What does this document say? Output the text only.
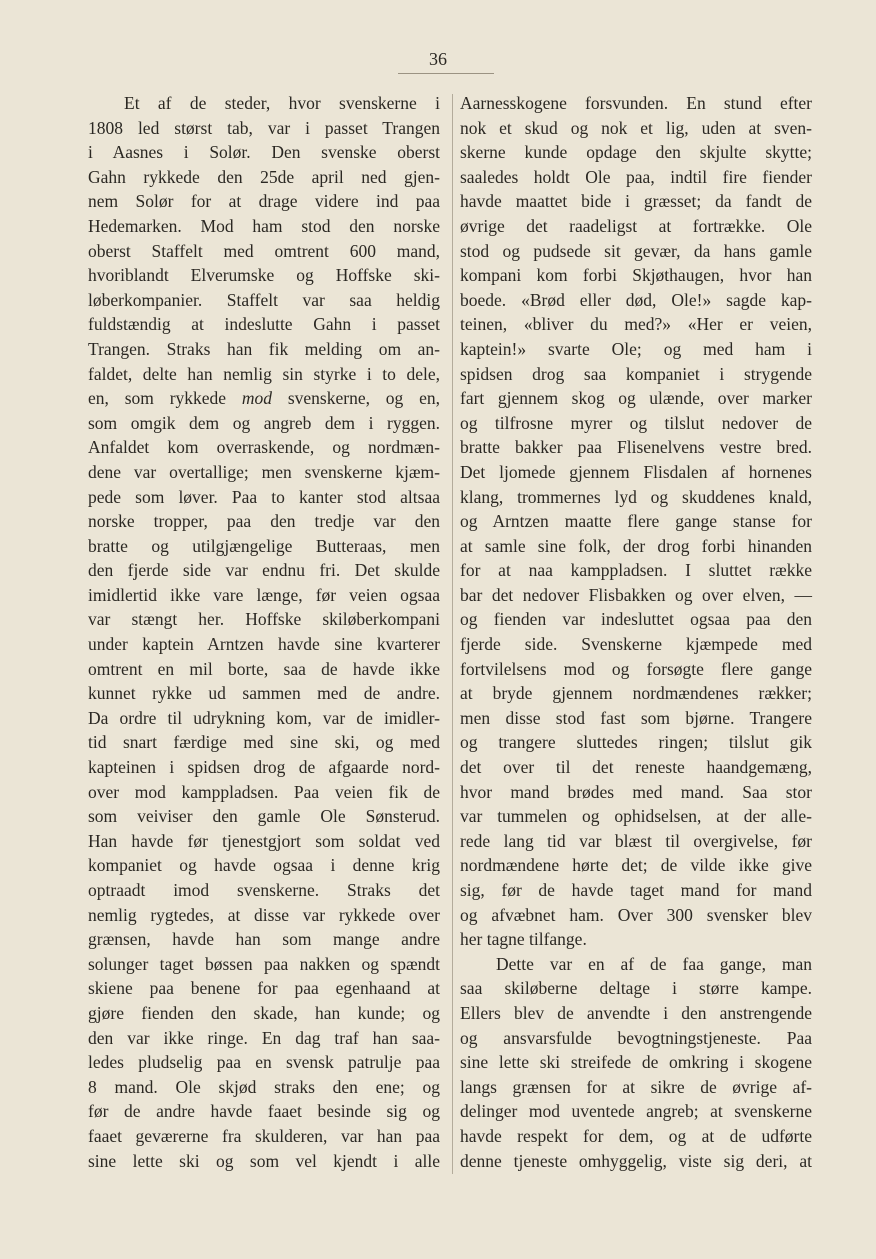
36
Et af de steder, hvor svenskerne i
1808 led størst tab, var i passet Trangen
i Aasnes i Solør. Den svenske oberst
Gahn rykkede den 25de april ned gjen-
nem Solør for at drage videre ind paa
Hedemarken. Mod ham stod den norske
oberst Staffelt med omtrent 600 mand,
hvoriblandt Elverumske og Hoffske ski-
løberkompanier. Staffelt var saa heldig
fuldstændig at indeslutte Gahn i passet
Trangen. Straks han fik melding om an-
faldet, delte han nemlig sin styrke i to dele,
en, som rykkede mod svenskerne, og en,
som omgik dem og angreb dem i ryggen.
Anfaldet kom overraskende, og nordmæn-
dene var overtallige; men svenskerne kjæm-
pede som løver. Paa to kanter stod altsaa
norske tropper, paa den tredje var den
bratte og utilgjængelige Butteraas, men
den fjerde side var endnu fri. Det skulde
imidlertid ikke vare længe, før veien ogsaa
var stængt her. Hoffske skiløberkompani
under kaptein Arntzen havde sine kvarterer
omtrent en mil borte, saa de havde ikke
kunnet rykke ud sammen med de andre.
Da ordre til udrykning kom, var de imidler-
tid snart færdige med sine ski, og med
kapteinen i spidsen drog de afgaarde nord-
over mod kamppladsen. Paa veien fik de
som veiviser den gamle Ole Sønsterud.
Han havde før tjenestgjort som soldat ved
kompaniet og havde ogsaa i denne krig
optraadt imod svenskerne. Straks det
nemlig rygtedes, at disse var rykkede over
grænsen, havde han som mange andre
solunger taget bøssen paa nakken og spændt
skiene paa benene for paa egenhaand at
gjøre fienden den skade, han kunde; og
den var ikke ringe. En dag traf han saa-
ledes pludselig paa en svensk patrulje paa
8 mand. Ole skjød straks den ene; og
før de andre havde faaet besinde sig og
faaet geværerne fra skulderen, var han paa
sine lette ski og som vel kjendt i alle
Aarnesskogene forsvunden. En stund efter
nok et skud og nok et lig, uden at sven-
skerne kunde opdage den skjulte skytte;
saaledes holdt Ole paa, indtil fire fiender
havde maattet bide i græsset; da fandt de
øvrige det raadeligst at fortrække. Ole
stod og pudsede sit gevær, da hans gamle
kompani kom forbi Skjøthaugen, hvor han
boede. «Brød eller død, Ole!» sagde kap-
teinen, «bliver du med?» «Her er veien,
kaptein!» svarte Ole; og med ham i
spidsen drog saa kompaniet i strygende
fart gjennem skog og ulænde, over marker
og tilfrosne myrer og tilslut nedover de
bratte bakker paa Flisenelvens vestre bred.
Det ljomede gjennem Flisdalen af hornenes
klang, trommernes lyd og skuddenes knald,
og Arntzen maatte flere gange stanse for
at samle sine folk, der drog forbi hinanden
for at naa kamppladsen. I sluttet række
bar det nedover Flisbakken og over elven, —
og fienden var indesluttet ogsaa paa den
fjerde side. Svenskerne kjæmpede med
fortvilelsens mod og forsøgte flere gange
at bryde gjennem nordmændenes rækker;
men disse stod fast som bjørne. Trangere
og trangere sluttedes ringen; tilslut gik
det over til det reneste haandgemæng,
hvor mand brødes med mand. Saa stor
var tummelen og ophidselsen, at der alle-
rede lang tid var blæst til overgivelse, før
nordmændene hørte det; de vilde ikke give
sig, før de havde taget mand for mand
og afvæbnet ham. Over 300 svensker blev
her tagne tilfange.
Dette var en af de faa gange, man
saa skiløberne deltage i større kampe.
Ellers blev de anvendte i den anstrengende
og ansvarsfulde bevogtningstjeneste. Paa
sine lette ski streifede de omkring i skogene
langs grænsen for at sikre de øvrige af-
delinger mod uventede angreb; at svenskerne
havde respekt for dem, og at de udførte
denne tjeneste omhyggelig, viste sig deri, at
